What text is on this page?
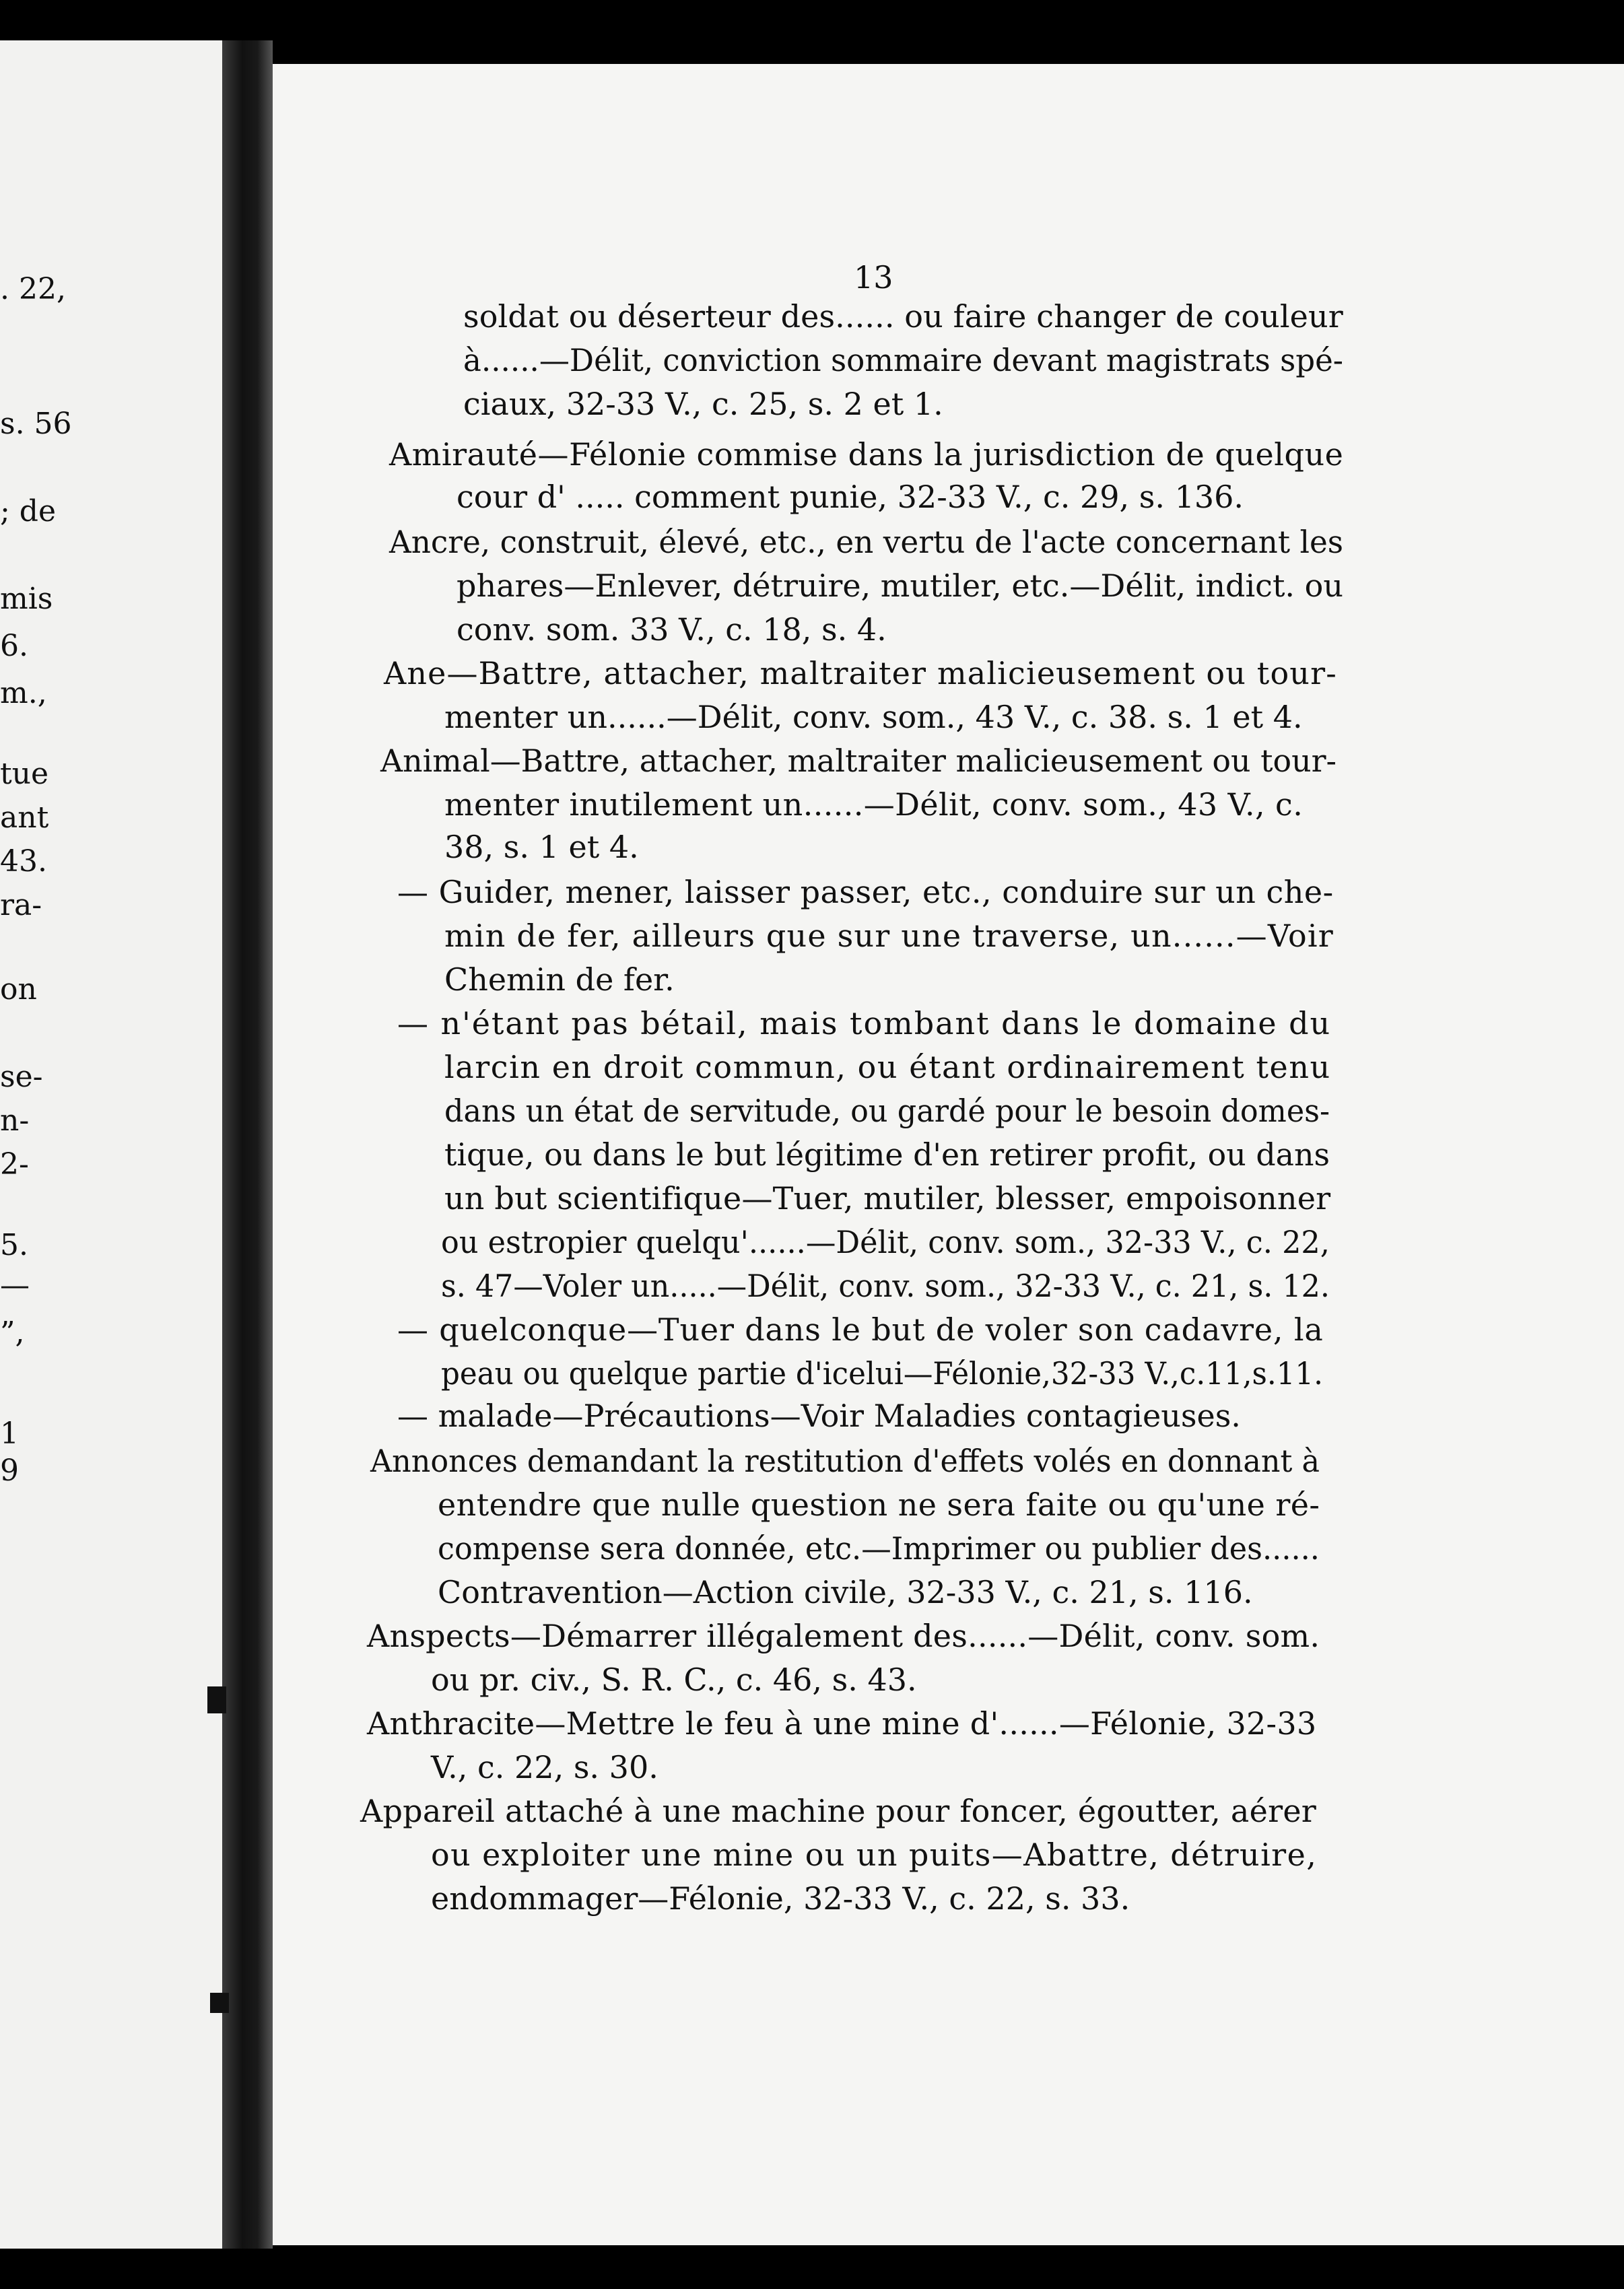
. 22,
s. 56
; de
mis
6.
m.,
tue
ant
43.
ra-
on
se-
n-
2-
5.
—
”,
1
9
13
soldat ou déserteur des...... ou faire changer de couleur
à......—Délit, conviction sommaire devant magistrats spé-
ciaux, 32-33 V., c. 25, s. 2 et 1.
Amirauté—Félonie commise dans la jurisdiction de quelque
cour d' ..... comment punie, 32-33 V., c. 29, s. 136.
Ancre, construit, élevé, etc., en vertu de l'acte concernant les
phares—Enlever, détruire, mutiler, etc.—Délit, indict. ou
conv. som. 33 V., c. 18, s. 4.
Ane—Battre, attacher, maltraiter malicieusement ou tour-
menter un......—Délit, conv. som., 43 V., c. 38. s. 1 et 4.
Animal—Battre, attacher, maltraiter malicieusement ou tour-
menter inutilement un......—Délit, conv. som., 43 V., c.
38, s. 1 et 4.
— Guider, mener, laisser passer, etc., conduire sur un che-
min de fer, ailleurs que sur une traverse, un......—Voir
Chemin de fer.
— n'étant pas bétail, mais tombant dans le domaine du
larcin en droit commun, ou étant ordinairement tenu
dans un état de servitude, ou gardé pour le besoin domes-
tique, ou dans le but légitime d'en retirer profit, ou dans
un but scientifique—Tuer, mutiler, blesser, empoisonner
ou estropier quelqu'......—Délit, conv. som., 32-33 V., c. 22,
s. 47—Voler un.....—Délit, conv. som., 32-33 V., c. 21, s. 12.
— quelconque—Tuer dans le but de voler son cadavre, la
peau ou quelque partie d'icelui—Félonie,32-33 V.,c.11,s.11.
— malade—Précautions—Voir Maladies contagieuses.
Annonces demandant la restitution d'effets volés en donnant à
entendre que nulle question ne sera faite ou qu'une ré-
compense sera donnée, etc.—Imprimer ou publier des......
Contravention—Action civile, 32-33 V., c. 21, s. 116.
Anspects—Démarrer illégalement des......—Délit, conv. som.
ou pr. civ., S. R. C., c. 46, s. 43.
Anthracite—Mettre le feu à une mine d'......—Félonie, 32-33
V., c. 22, s. 30.
Appareil attaché à une machine pour foncer, égoutter, aérer
ou exploiter une mine ou un puits—Abattre, détruire,
endommager—Félonie, 32-33 V., c. 22, s. 33.
